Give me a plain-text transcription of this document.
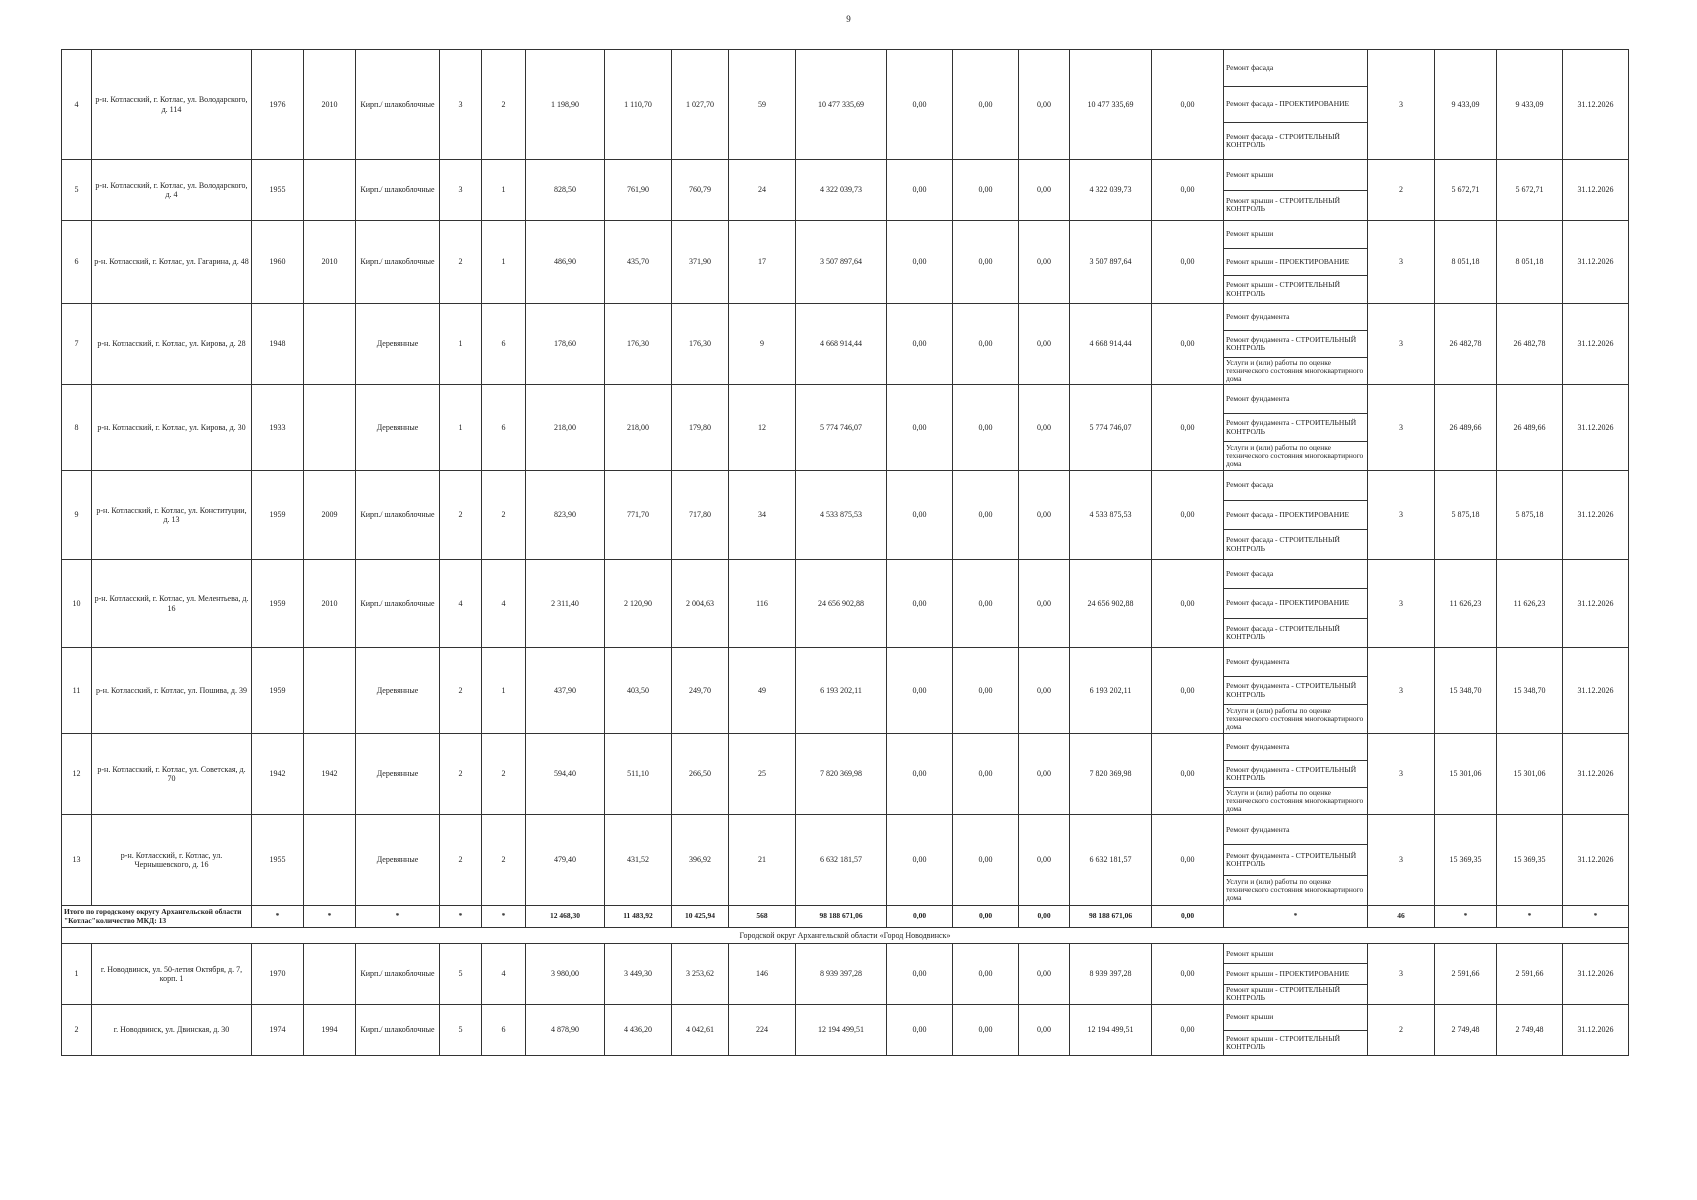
9
4	р-н. Котласский, г. Котлас, ул. Володарского, д. 114	1976	2010	Кирп./ шлакоблочные	3	2	1 198,90	1 110,70	1 027,70	59	10 477 335,69	0,00	0,00	0,00	10 477 335,69	0,00	Ремонт фасада
Ремонт фасада - ПРОЕКТИРОВАНИЕ
Ремонт фасада - СТРОИТЕЛЬНЫЙ КОНТРОЛЬ	3	9 433,09	9 433,09	31.12.2026
5	р-н. Котласский, г. Котлас, ул. Володарского, д. 4	1955		Кирп./ шлакоблочные	3	1	828,50	761,90	760,79	24	4 322 039,73	0,00	0,00	0,00	4 322 039,73	0,00	Ремонт крыши
Ремонт крыши - СТРОИТЕЛЬНЫЙ КОНТРОЛЬ	2	5 672,71	5 672,71	31.12.2026
6	р-н. Котласский, г. Котлас, ул. Гагарина, д. 48	1960	2010	Кирп./ шлакоблочные	2	1	486,90	435,70	371,90	17	3 507 897,64	0,00	0,00	0,00	3 507 897,64	0,00	Ремонт крыши
Ремонт крыши - ПРОЕКТИРОВАНИЕ
Ремонт крыши - СТРОИТЕЛЬНЫЙ КОНТРОЛЬ	3	8 051,18	8 051,18	31.12.2026
7	р-н. Котласский, г. Котлас, ул. Кирова, д. 28	1948		Деревянные	1	6	178,60	176,30	176,30	9	4 668 914,44	0,00	0,00	0,00	4 668 914,44	0,00	Ремонт фундамента
Ремонт фундамента - СТРОИТЕЛЬНЫЙ КОНТРОЛЬ
Услуги и (или) работы по оценке технического состояния многоквартирного дома	3	26 482,78	26 482,78	31.12.2026
8	р-н. Котласский, г. Котлас, ул. Кирова, д. 30	1933		Деревянные	1	6	218,00	218,00	179,80	12	5 774 746,07	0,00	0,00	0,00	5 774 746,07	0,00	Ремонт фундамента
Ремонт фундамента - СТРОИТЕЛЬНЫЙ КОНТРОЛЬ
Услуги и (или) работы по оценке технического состояния многоквартирного дома	3	26 489,66	26 489,66	31.12.2026
9	р-н. Котласский, г. Котлас, ул. Конституции, д. 13	1959	2009	Кирп./ шлакоблочные	2	2	823,90	771,70	717,80	34	4 533 875,53	0,00	0,00	0,00	4 533 875,53	0,00	Ремонт фасада
Ремонт фасада - ПРОЕКТИРОВАНИЕ
Ремонт фасада - СТРОИТЕЛЬНЫЙ КОНТРОЛЬ	3	5 875,18	5 875,18	31.12.2026
10	р-н. Котласский, г. Котлас, ул. Мелентьева, д. 16	1959	2010	Кирп./ шлакоблочные	4	4	2 311,40	2 120,90	2 004,63	116	24 656 902,88	0,00	0,00	0,00	24 656 902,88	0,00	Ремонт фасада
Ремонт фасада - ПРОЕКТИРОВАНИЕ
Ремонт фасада - СТРОИТЕЛЬНЫЙ КОНТРОЛЬ	3	11 626,23	11 626,23	31.12.2026
11	р-н. Котласский, г. Котлас, ул. Пошива, д. 39	1959		Деревянные	2	1	437,90	403,50	249,70	49	6 193 202,11	0,00	0,00	0,00	6 193 202,11	0,00	Ремонт фундамента
Ремонт фундамента - СТРОИТЕЛЬНЫЙ КОНТРОЛЬ
Услуги и (или) работы по оценке технического состояния многоквартирного дома	3	15 348,70	15 348,70	31.12.2026
12	р-н. Котласский, г. Котлас, ул. Советская, д. 70	1942	1942	Деревянные	2	2	594,40	511,10	266,50	25	7 820 369,98	0,00	0,00	0,00	7 820 369,98	0,00	Ремонт фундамента
Ремонт фундамента - СТРОИТЕЛЬНЫЙ КОНТРОЛЬ
Услуги и (или) работы по оценке технического состояния многоквартирного дома	3	15 301,06	15 301,06	31.12.2026
13	р-н. Котласский, г. Котлас, ул. Чернышевского, д. 16	1955		Деревянные	2	2	479,40	431,52	396,92	21	6 632 181,57	0,00	0,00	0,00	6 632 181,57	0,00	Ремонт фундамента
Ремонт фундамента - СТРОИТЕЛЬНЫЙ КОНТРОЛЬ
Услуги и (или) работы по оценке технического состояния многоквартирного дома	3	15 369,35	15 369,35	31.12.2026
Итого по городскому округу Архангельской области "Котлас"количество МКД: 13		*	*	*	*	*	12 468,30	11 483,92	10 425,94	568	98 188 671,06	0,00	0,00	0,00	98 188 671,06	0,00	*	46	*	*	*
Городской округ Архангельской области «Город Новодвинск»																					
1	г. Новодвинск, ул. 50-летия Октября, д. 7, корп. 1	1970		Кирп./ шлакоблочные	5	4	3 980,00	3 449,30	3 253,62	146	8 939 397,28	0,00	0,00	0,00	8 939 397,28	0,00	Ремонт крыши
Ремонт крыши - ПРОЕКТИРОВАНИЕ
Ремонт крыши - СТРОИТЕЛЬНЫЙ КОНТРОЛЬ	3	2 591,66	2 591,66	31.12.2026
2	г. Новодвинск, ул. Двинская, д. 30	1974	1994	Кирп./ шлакоблочные	5	6	4 878,90	4 436,20	4 042,61	224	12 194 499,51	0,00	0,00	0,00	12 194 499,51	0,00	Ремонт крыши
Ремонт крыши - СТРОИТЕЛЬНЫЙ КОНТРОЛЬ	2	2 749,48	2 749,48	31.12.2026
